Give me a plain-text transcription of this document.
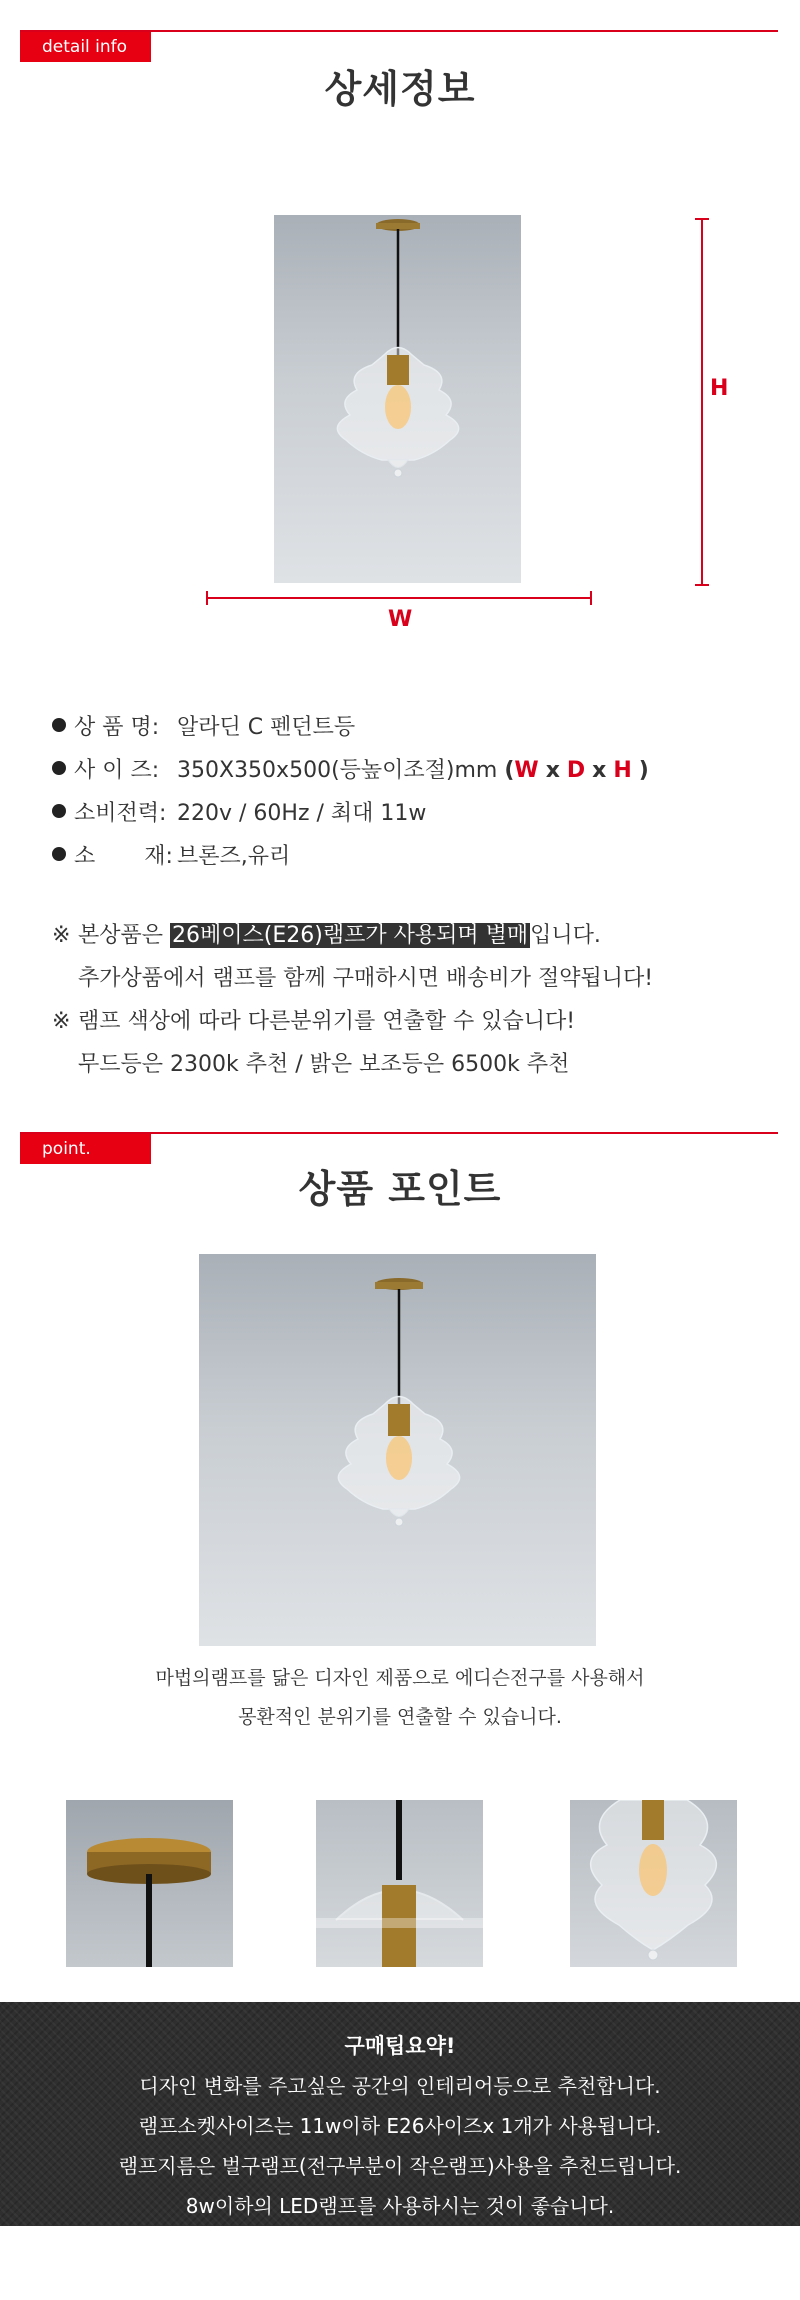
detail info
상세정보
H
W
상 품 명: 알라딘 C 펜던트등
사 이 즈: 350X350x500(등높이조절)mm (W x D x H )
소비전력: 220v / 60Hz / 최대 11w
소       재: 브론즈,유리
※ 본상품은 26베이스(E26)램프가 사용되며 별매입니다.
추가상품에서 램프를 함께 구매하시면 배송비가 절약됩니다!
※ 램프 색상에 따라 다른분위기를 연출할 수 있습니다!
무드등은 2300k 추천 / 밝은 보조등은 6500k 추천
point.
상품 포인트
마법의램프를 닮은 디자인 제품으로 에디슨전구를 사용해서
몽환적인 분위기를 연출할 수 있습니다.
구매팁요약!
디자인 변화를 주고싶은 공간의 인테리어등으로 추천합니다.
램프소켓사이즈는 11w이하 E26사이즈x 1개가 사용됩니다.
램프지름은 벌구램프(전구부분이 작은램프)사용을 추천드립니다.
8w이하의 LED램프를 사용하시는 것이 좋습니다.
